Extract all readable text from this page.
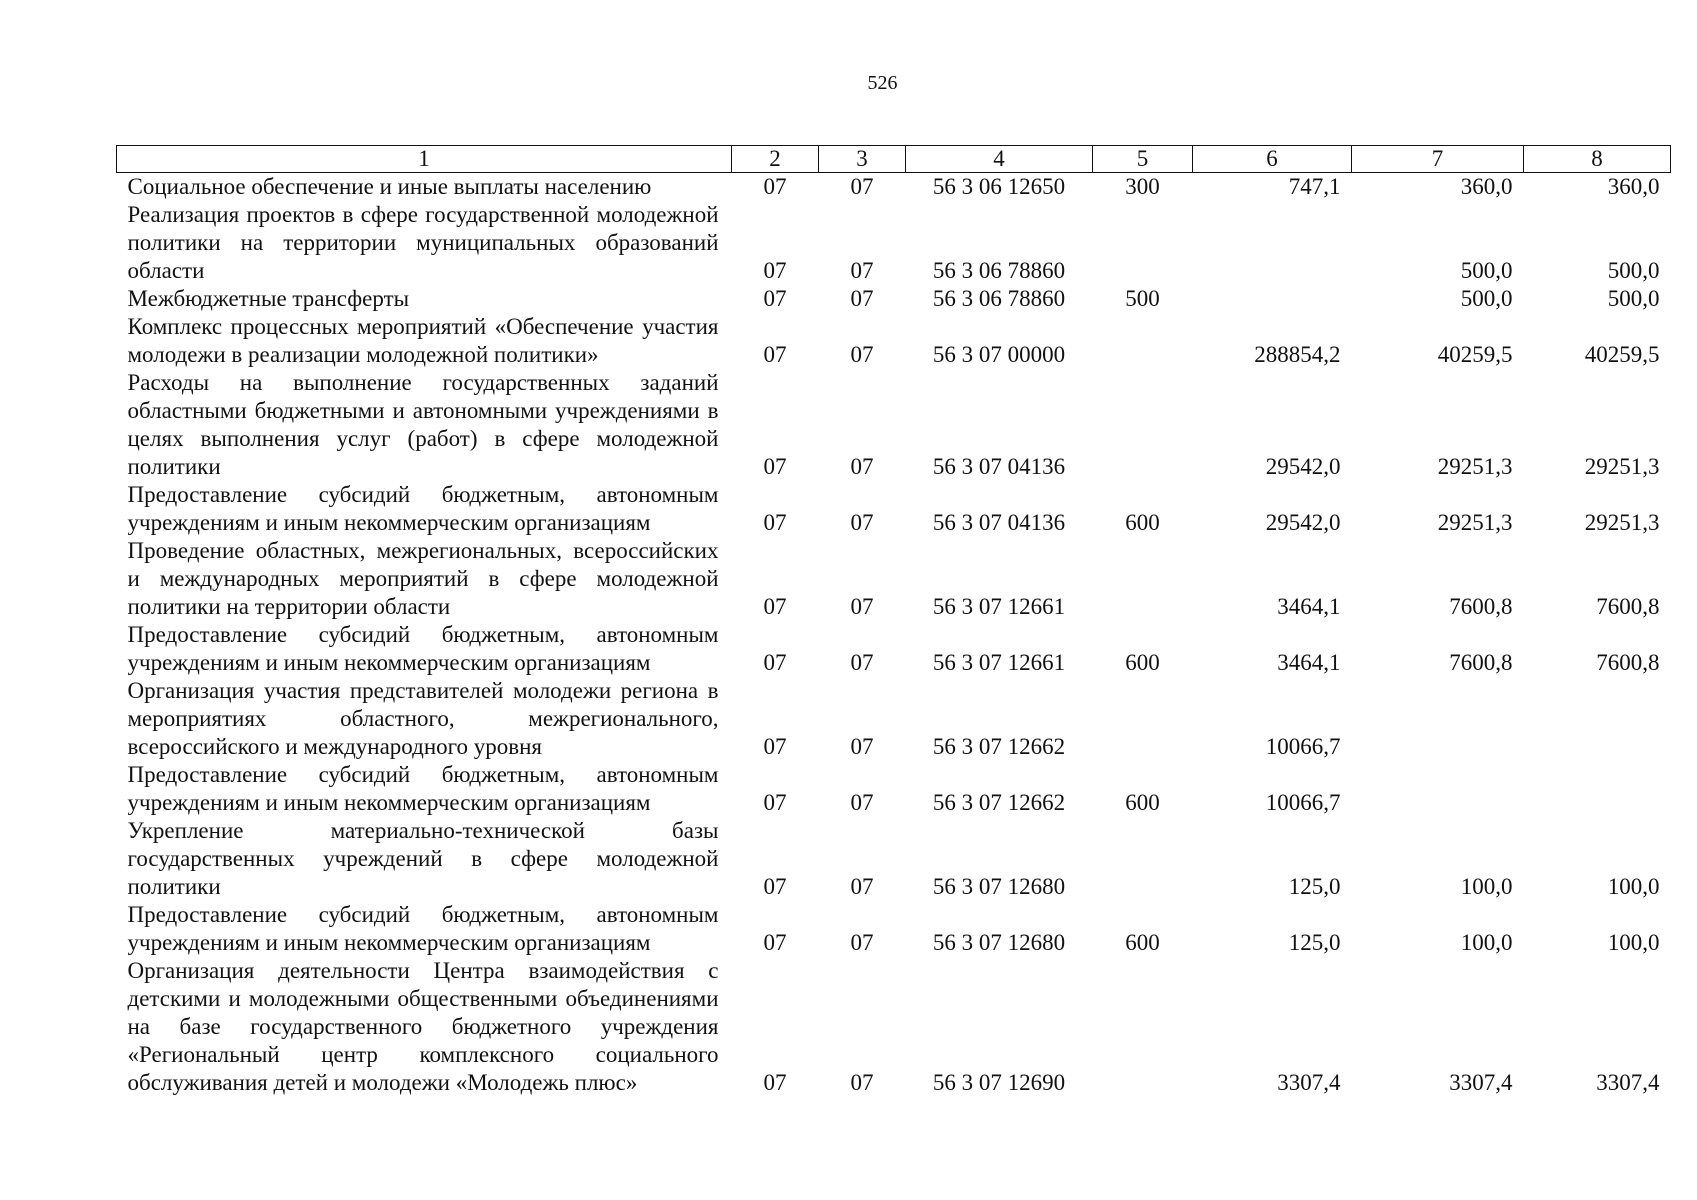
526
1	2	3	4	5	6	7	8
Социальное обеспечение и иные выплаты населению	07	07	56 3 06 12650	300	747,1	360,0	360,0
Реализация проектов в сфере государственной молодежной политики на территории муниципальных образований области	07	07	56 3 06 78860			500,0	500,0
Межбюджетные трансферты	07	07	56 3 06 78860	500		500,0	500,0
Комплекс процессных мероприятий «Обеспечение участия молодежи в реализации молодежной политики»	07	07	56 3 07 00000		288854,2	40259,5	40259,5
Расходы на выполнение государственных заданий областными бюджетными и автономными учреждениями в целях выполнения услуг (работ) в сфере молодежной политики	07	07	56 3 07 04136		29542,0	29251,3	29251,3
Предоставление субсидий бюджетным, автономным учреждениям и иным некоммерческим организациям	07	07	56 3 07 04136	600	29542,0	29251,3	29251,3
Проведение областных, межрегиональных, всероссийских и международных мероприятий в сфере молодежной политики на территории области	07	07	56 3 07 12661		3464,1	7600,8	7600,8
Предоставление субсидий бюджетным, автономным учреждениям и иным некоммерческим организациям	07	07	56 3 07 12661	600	3464,1	7600,8	7600,8
Организация участия представителей молодежи региона в мероприятиях областного, межрегионального, всероссийского и международного уровня	07	07	56 3 07 12662		10066,7		
Предоставление субсидий бюджетным, автономным учреждениям и иным некоммерческим организациям	07	07	56 3 07 12662	600	10066,7		
Укрепление материально-технической базы государственных учреждений в сфере молодежной политики	07	07	56 3 07 12680		125,0	100,0	100,0
Предоставление субсидий бюджетным, автономным учреждениям и иным некоммерческим организациям	07	07	56 3 07 12680	600	125,0	100,0	100,0
Организация деятельности Центра взаимодействия с детскими и молодежными общественными объединениями на базе государственного бюджетного учреждения «Региональный центр комплексного социального обслуживания детей и молодежи «Молодежь плюс»	07	07	56 3 07 12690		3307,4	3307,4	3307,4
